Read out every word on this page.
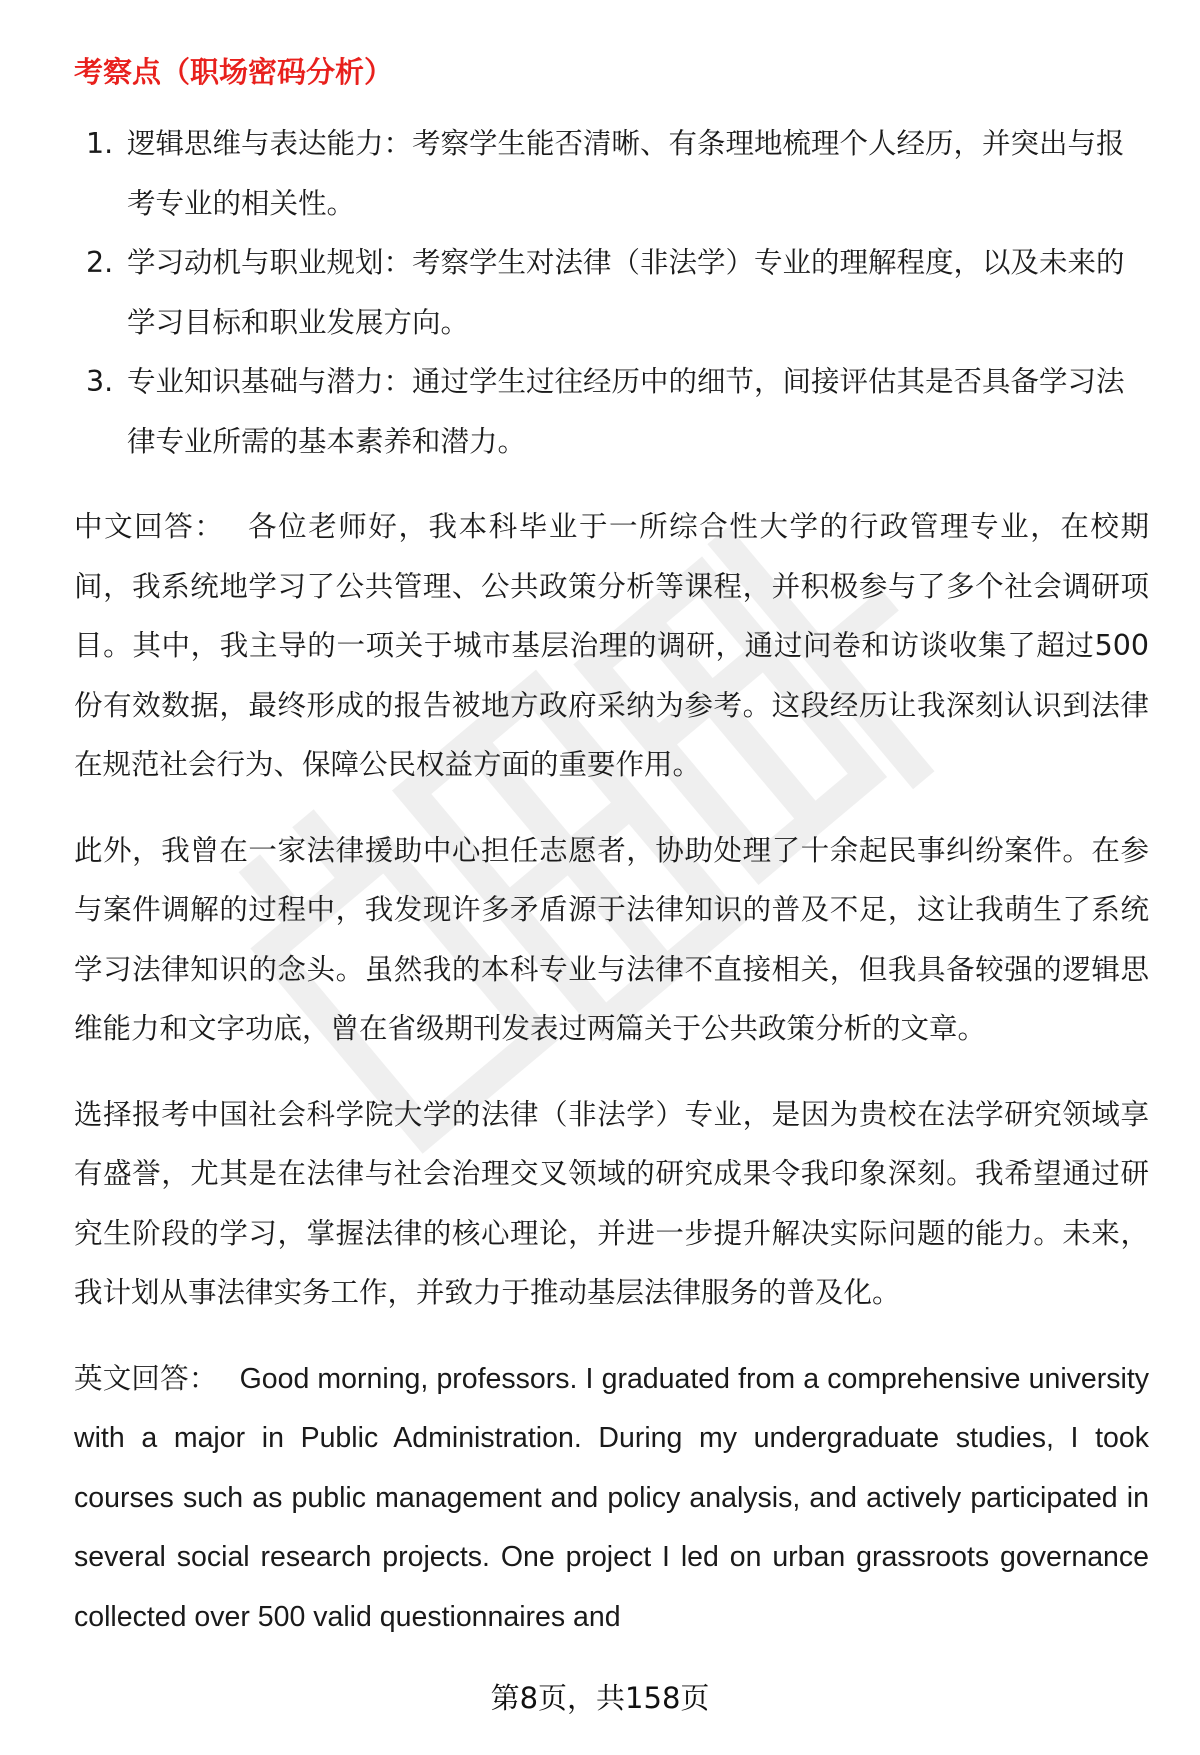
考察点（职场密码分析）
1. 逻辑思维与表达能力：考察学生能否清晰、有条理地梳理个人经历，并突出与报考专业的相关性。
2. 学习动机与职业规划：考察学生对法律（非法学）专业的理解程度，以及未来的学习目标和职业发展方向。
3. 专业知识基础与潜力：通过学生过往经历中的细节，间接评估其是否具备学习法律专业所需的基本素养和潜力。

中文回答： 各位老师好，我本科毕业于一所综合性大学的行政管理专业，在校期间，我系统地学习了公共管理、公共政策分析等课程，并积极参与了多个社会调研项目。其中，我主导的一项关于城市基层治理的调研，通过问卷和访谈收集了超过500份有效数据，最终形成的报告被地方政府采纳为参考。这段经历让我深刻认识到法律在规范社会行为、保障公民权益方面的重要作用。

此外，我曾在一家法律援助中心担任志愿者，协助处理了十余起民事纠纷案件。在参与案件调解的过程中，我发现许多矛盾源于法律知识的普及不足，这让我萌生了系统学习法律知识的念头。虽然我的本科专业与法律不直接相关，但我具备较强的逻辑思维能力和文字功底，曾在省级期刊发表过两篇关于公共政策分析的文章。

选择报考中国社会科学院大学的法律（非法学）专业，是因为贵校在法学研究领域享有盛誉，尤其是在法律与社会治理交叉领域的研究成果令我印象深刻。我希望通过研究生阶段的学习，掌握法律的核心理论，并进一步提升解决实际问题的能力。未来，我计划从事法律实务工作，并致力于推动基层法律服务的普及化。

英文回答： Good morning, professors. I graduated from a comprehensive university with a major in Public Administration. During my undergraduate studies, I took courses such as public management and policy analysis, and actively participated in several social research projects. One project I led on urban grassroots governance collected over 500 valid questionnaires and

第8页，共158页
